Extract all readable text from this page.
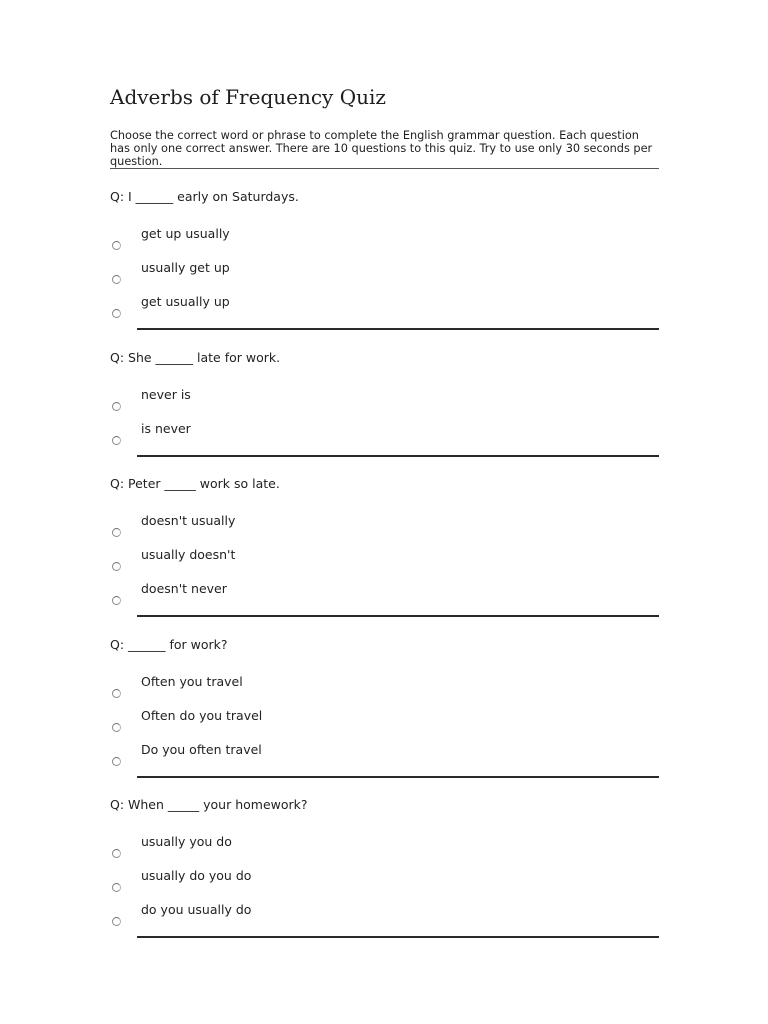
Adverbs of Frequency Quiz

Choose the correct word or phrase to complete the English grammar question. Each question has only one correct answer. There are 10 questions to this quiz. Try to use only 30 seconds per question.

Q: I ______ early on Saturdays.
get up usually
usually get up
get usually up
Q: She ______ late for work.
never is
is never
Q: Peter _____ work so late.
doesn't usually
usually doesn't
doesn't never
Q: ______ for work?
Often you travel
Often do you travel
Do you often travel
Q: When _____ your homework?
usually you do
usually do you do
do you usually do
